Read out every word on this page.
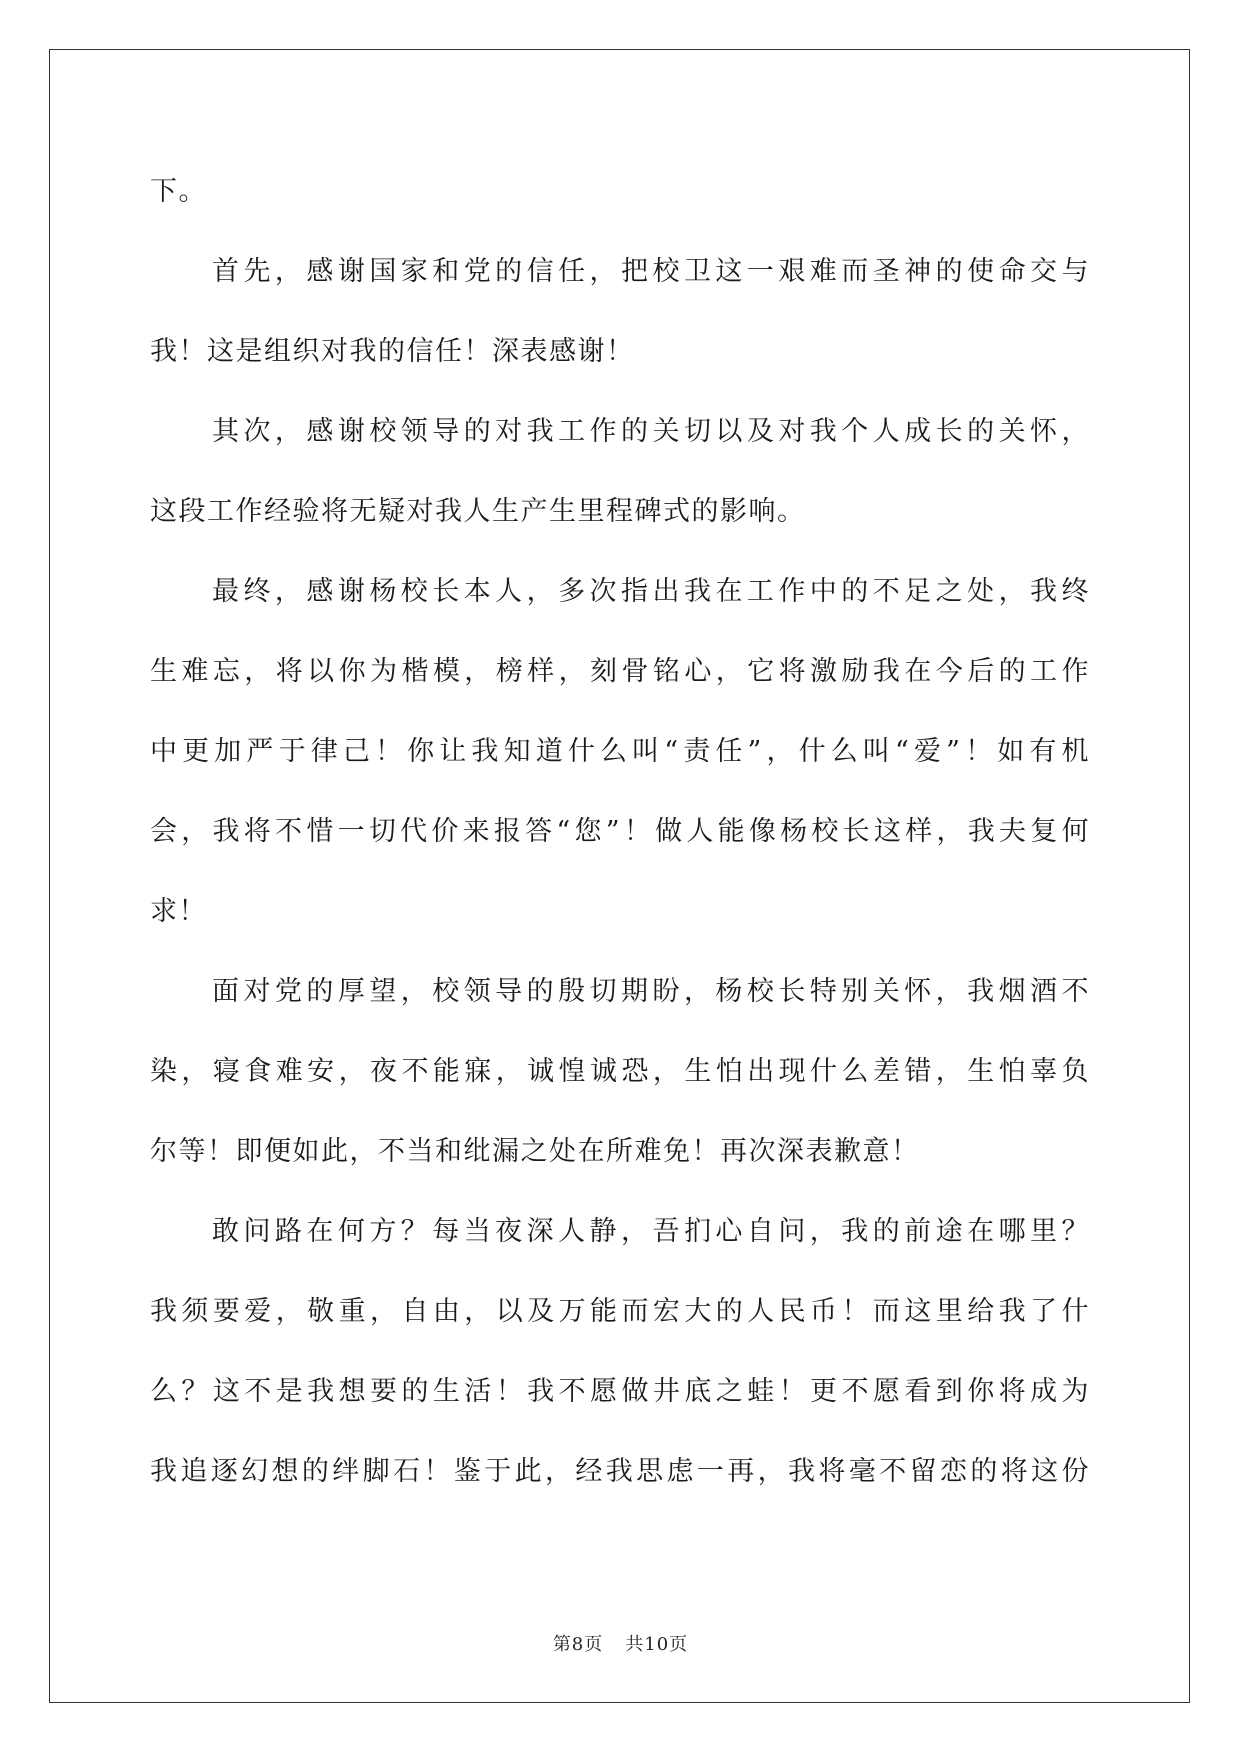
下。
首先，感谢国家和党的信任，把校卫这一艰难而圣神的使命交与
我！这是组织对我的信任！深表感谢！
其次，感谢校领导的对我工作的关切以及对我个人成长的关怀，
这段工作经验将无疑对我人生产生里程碑式的影响。
最终，感谢杨校长本人，多次指出我在工作中的不足之处，我终
生难忘，将以你为楷模，榜样，刻骨铭心，它将激励我在今后的工作
中更加严于律己！你让我知道什么叫“责任”，什么叫“爱”！如有机
会，我将不惜一切代价来报答“您”！做人能像杨校长这样，我夫复何
求！
面对党的厚望，校领导的殷切期盼，杨校长特别关怀，我烟酒不
染，寝食难安，夜不能寐，诚惶诚恐，生怕出现什么差错，生怕辜负
尔等！即便如此，不当和纰漏之处在所难免！再次深表歉意！
敢问路在何方？每当夜深人静，吾扪心自问，我的前途在哪里？
我须要爱，敬重，自由，以及万能而宏大的人民币！而这里给我了什
么？这不是我想要的生活！我不愿做井底之蛙！更不愿看到你将成为
我追逐幻想的绊脚石！鉴于此，经我思虑一再，我将毫不留恋的将这份
第8页 共10页
